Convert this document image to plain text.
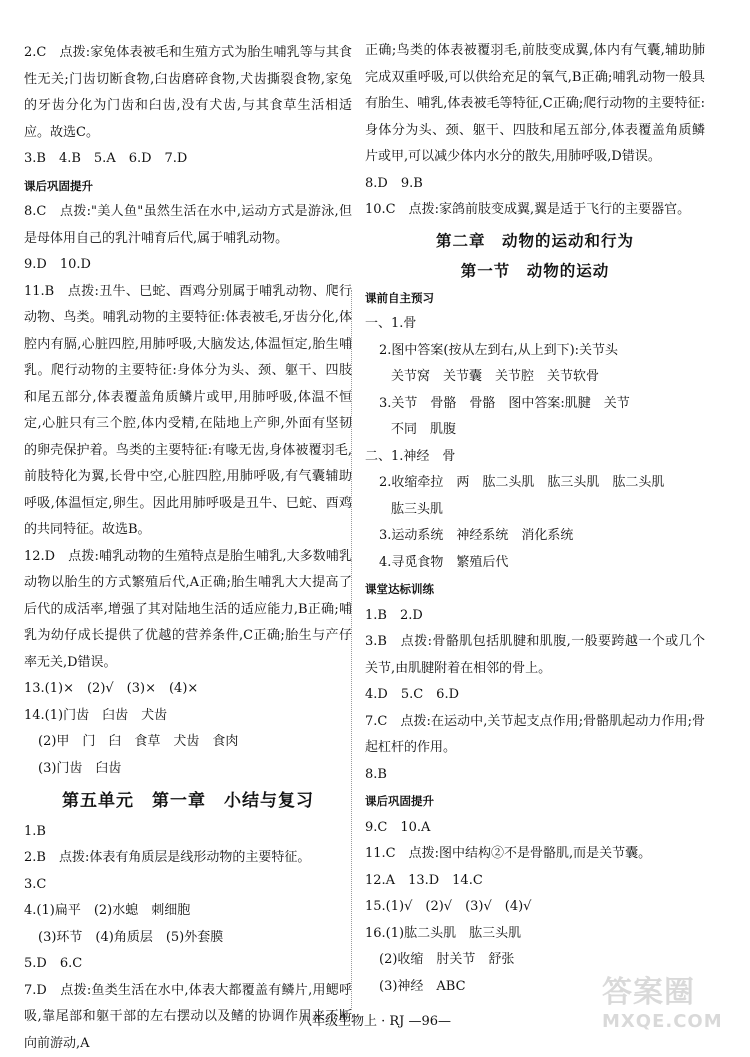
2.C　点拨:家兔体表被毛和生殖方式为胎生哺乳等与其食性无关;门齿切断食物,臼齿磨碎食物,犬齿撕裂食物,家兔的牙齿分化为门齿和臼齿,没有犬齿,与其食草生活相适应。故选C。
3.B　4.B　5.A　6.D　7.D
课后巩固提升
8.C　点拨:"美人鱼"虽然生活在水中,运动方式是游泳,但是母体用自己的乳汁哺育后代,属于哺乳动物。
9.D　10.D
11.B　点拨:丑牛、巳蛇、酉鸡分别属于哺乳动物、爬行动物、鸟类。哺乳动物的主要特征:体表被毛,牙齿分化,体腔内有膈,心脏四腔,用肺呼吸,大脑发达,体温恒定,胎生哺乳。爬行动物的主要特征:身体分为头、颈、躯干、四肢和尾五部分,体表覆盖角质鳞片或甲,用肺呼吸,体温不恒定,心脏只有三个腔,体内受精,在陆地上产卵,外面有坚韧的卵壳保护着。鸟类的主要特征:有喙无齿,身体被覆羽毛,前肢特化为翼,长骨中空,心脏四腔,用肺呼吸,有气囊辅助呼吸,体温恒定,卵生。因此用肺呼吸是丑牛、巳蛇、酉鸡的共同特征。故选B。
12.D　点拨:哺乳动物的生殖特点是胎生哺乳,大多数哺乳动物以胎生的方式繁殖后代,A正确;胎生哺乳大大提高了后代的成活率,增强了其对陆地生活的适应能力,B正确;哺乳为幼仔成长提供了优越的营养条件,C正确;胎生与产仔率无关,D错误。
13.(1)×　(2)√　(3)×　(4)×
14.(1)门齿　臼齿　犬齿
(2)甲　门　臼　食草　犬齿　食肉
(3)门齿　臼齿
第五单元　第一章　小结与复习
1.B
2.B　点拨:体表有角质层是线形动物的主要特征。
3.C
4.(1)扁平　(2)水螅　刺细胞
(3)环节　(4)角质层　(5)外套膜
5.D　6.C
7.D　点拨:鱼类生活在水中,体表大都覆盖有鳞片,用鳃呼吸,靠尾部和躯干部的左右摆动以及鳍的协调作用来不断向前游动,A
正确;鸟类的体表被覆羽毛,前肢变成翼,体内有气囊,辅助肺完成双重呼吸,可以供给充足的氧气,B正确;哺乳动物一般具有胎生、哺乳,体表被毛等特征,C正确;爬行动物的主要特征:身体分为头、颈、躯干、四肢和尾五部分,体表覆盖角质鳞片或甲,可以减少体内水分的散失,用肺呼吸,D错误。
8.D　9.B
10.C　点拨:家鸽前肢变成翼,翼是适于飞行的主要器官。
第二章　动物的运动和行为
第一节　动物的运动
课前自主预习
一、1.骨
2.图中答案(按从左到右,从上到下):关节头
关节窝　关节囊　关节腔　关节软骨
3.关节　骨骼　骨骼　图中答案:肌腱　关节
不同　肌腹
二、1.神经　骨
2.收缩牵拉　两　肱二头肌　肱三头肌　肱二头肌
肱三头肌
3.运动系统　神经系统　消化系统
4.寻觅食物　繁殖后代
课堂达标训练
1.B　2.D
3.B　点拨:骨骼肌包括肌腱和肌腹,一般要跨越一个或几个关节,由肌腱附着在相邻的骨上。
4.D　5.C　6.D
7.C　点拨:在运动中,关节起支点作用;骨骼肌起动力作用;骨起杠杆的作用。
8.B
课后巩固提升
9.C　10.A
11.C　点拨:图中结构②不是骨骼肌,而是关节囊。
12.A　13.D　14.C
15.(1)√　(2)√　(3)√　(4)√
16.(1)肱二头肌　肱三头肌
(2)收缩　肘关节　舒张
(3)神经　ABC
八年级生物上 · RJ —96—
答案圈
MXQE.COM
